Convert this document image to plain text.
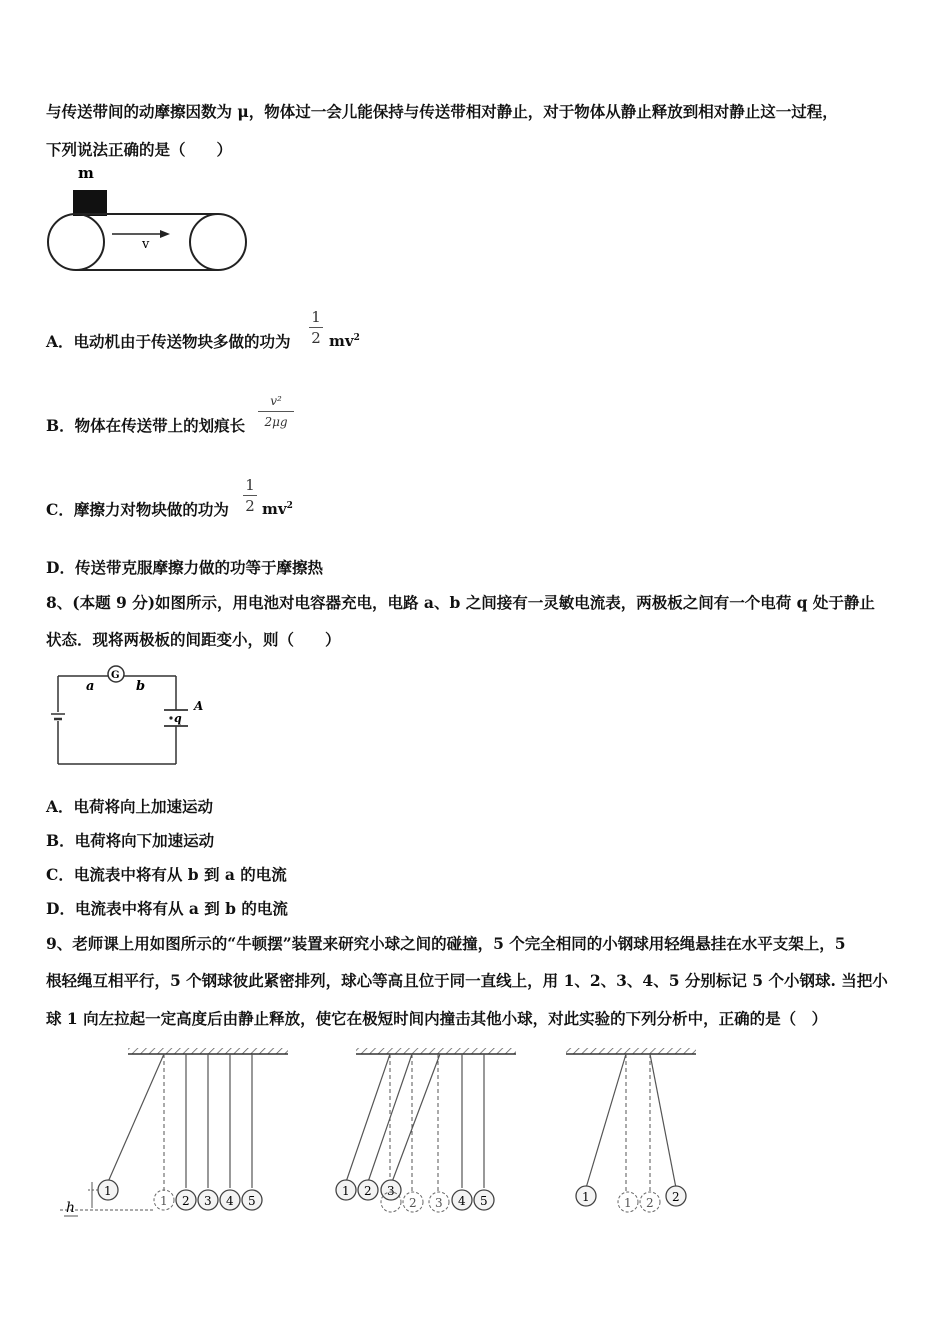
与传送带间的动摩擦因数为 μ，物体过一会儿能保持与传送带相对静止，对于物体从静止释放到相对静止这一过程，
下列说法正确的是（　　）
m
v
A．电动机由于传送物块多做的功为
1
2 $mv^2$
B．物体在传送带上的划痕长
v²
2μg
C．摩擦力对物块做的功为
1
2 $mv^2$
D．传送带克服摩擦力做的功等于摩擦热
8、(本题 9 分)如图所示，用电池对电容器充电，电路 a、b 之间接有一灵敏电流表，两极板之间有一个电荷 q 处于静止
状态．现将两极板的间距变小，则（　　）
G
a	b
q
A
A．电荷将向上加速运动
B．电荷将向下加速运动
C．电流表中将有从 b 到 a 的电流
D．电流表中将有从 a 到 b 的电流
9、老师课上用如图所示的“牛顿摆”装置来研究小球之间的碰撞，5 个完全相同的小钢球用轻绳悬挂在水平支架上，5
根轻绳互相平行，5 个钢球彼此紧密排列，球心等高且位于同一直线上，用 1、2、3、4、5 分别标记 5 个小钢球. 当把小
球 1 向左拉起一定高度后由静止释放，使它在极短时间内撞击其他小球，对此实验的下列分析中，正确的是（　）
1
1 2 3 4 5
h
1 2 3
2 3 4 5	1	1 2 2
